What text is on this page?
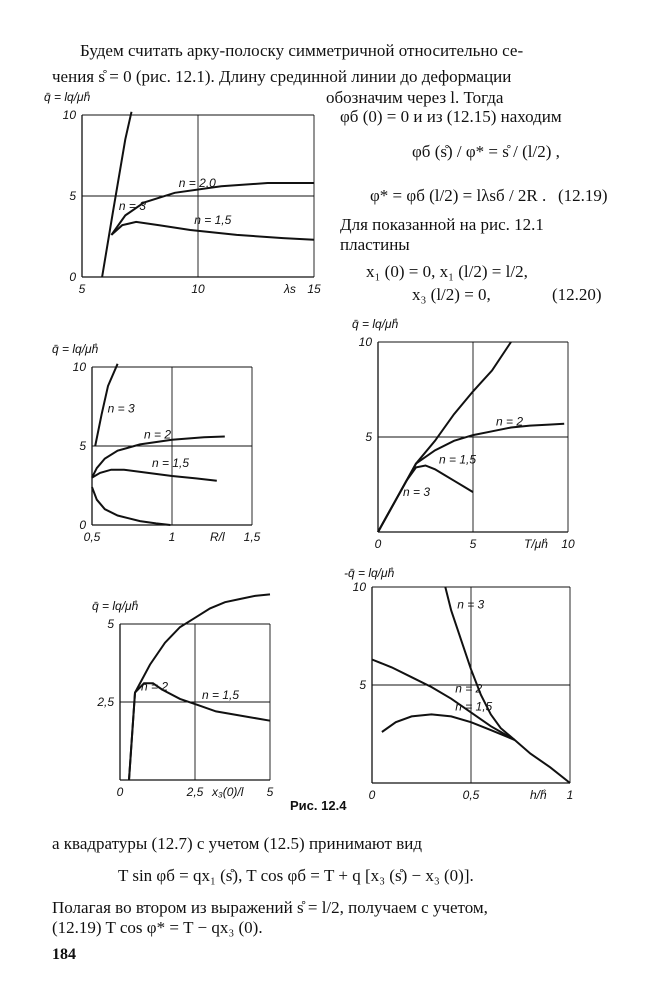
Будем считать арку-полоску симметричной относительно се-
чения s̊ = 0 (рис. 12.1). Длину срединной линии до деформации
обозначим через l. Тогда
φб (0) = 0 и из (12.15) находим
φб (s̊) / φ* = s̊ / (l/2) ,
φ* = φб (l/2) = lλsб / 2R . (12.19)
Для показанной на рис. 12.1
пластины
x₁ (0) = 0, x₁ (l/2) = l/2,
x₃ (l/2) = 0,	(12.20)
5	10	15
0
5
10
q̄ = lq/μh̊
λs
n = 3
n = 2,0
n = 1,5
0,5	1	1,5
0
5
10
q̄ = lq/μh̊
R/l
n = 3
n = 2
n = 1,5
0	5	10
5
10
q̄ = lq/μh̊
T/μh̊
n = 3
n = 2
n = 1,5
0	2,5	5
2,5
5
q̄ = lq/μh̊
x₃(0)/l
n = 2
n = 1,5
0	0,5	1
5
10
-q̄ = lq/μh̊
h/h̊
n = 3
n = 2
n = 1,5
Рис. 12.4
а квадратуры (12.7) с учетом (12.5) принимают вид
T sin φб = qx₁ (s̊), T cos φб = T + q [x₃ (s̊) − x₃ (0)].
Полагая во втором из выражений s̊ = l/2, получаем с учетом,
(12.19) T cos φ* = T − qx₃ (0).
184
